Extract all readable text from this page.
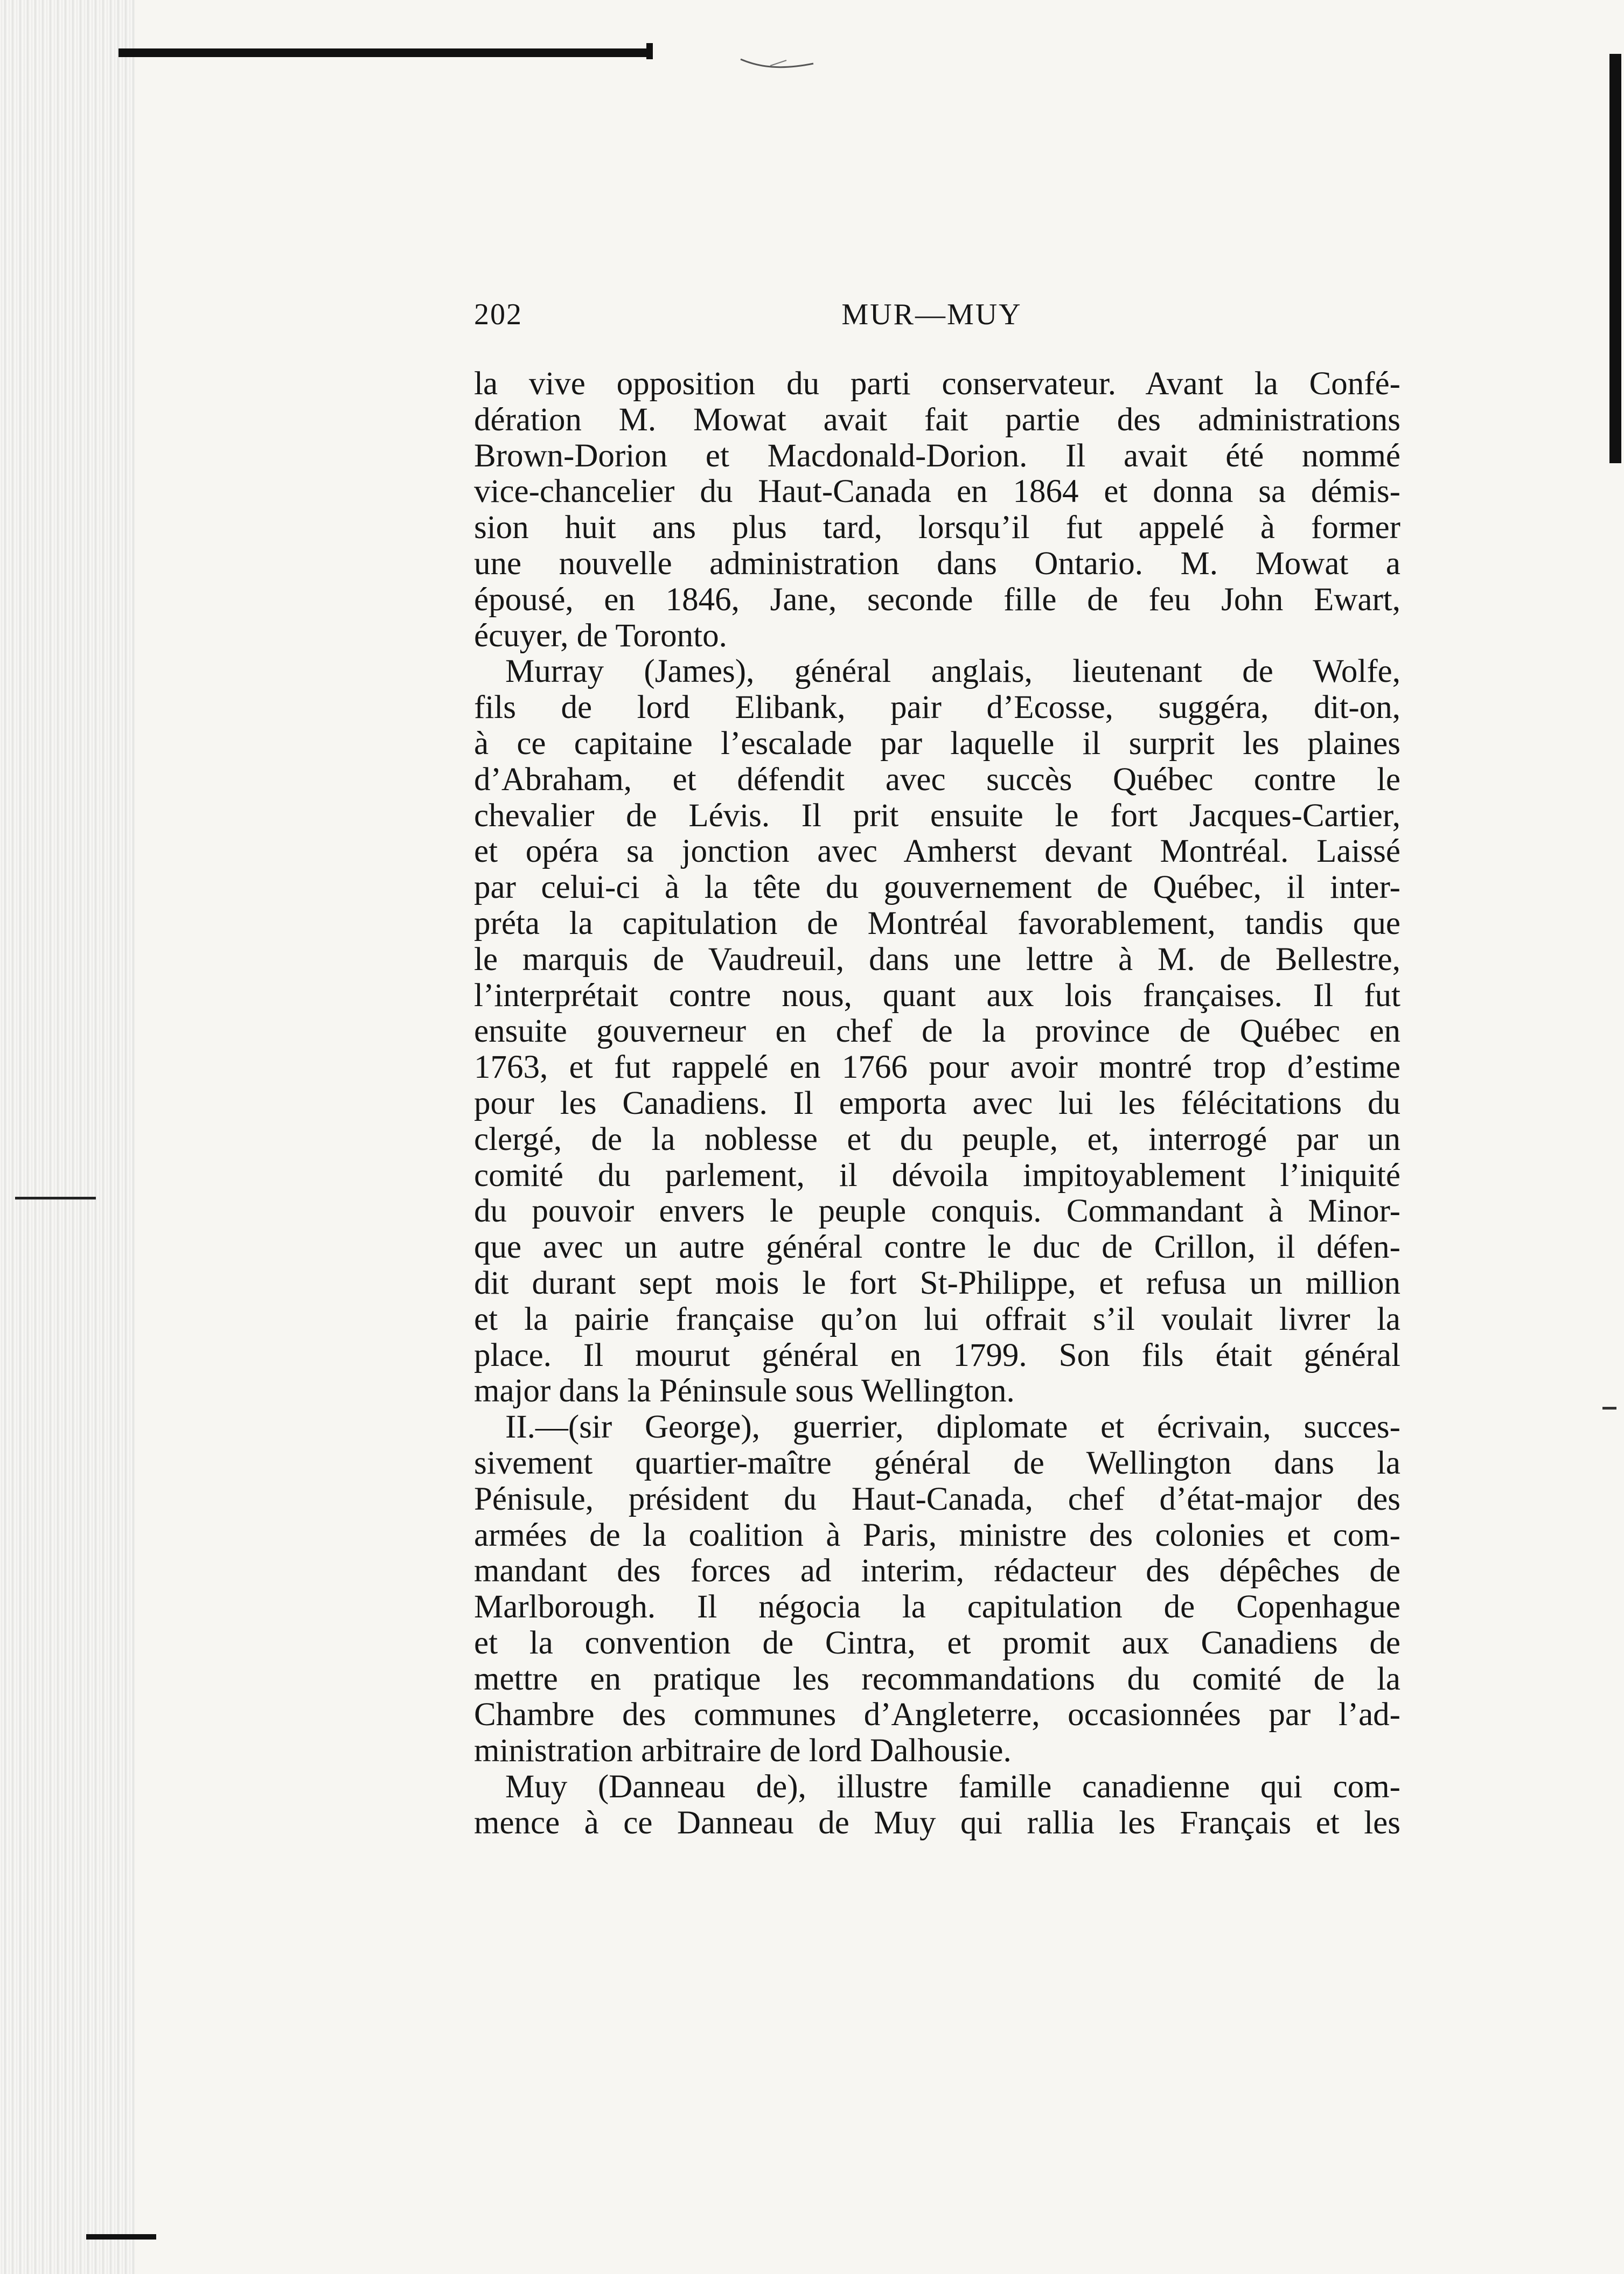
202	MUR—MUY
la vive opposition du parti conservateur. Avant la Confé-
dération M. Mowat avait fait partie des administrations
Brown-Dorion et Macdonald-Dorion. Il avait été nommé
vice-chancelier du Haut-Canada en 1864 et donna sa démis-
sion huit ans plus tard, lorsqu’il fut appelé à former
une nouvelle administration dans Ontario. M. Mowat a
épousé, en 1846, Jane, seconde fille de feu John Ewart,
écuyer, de Toronto.
Murray (James), général anglais, lieutenant de Wolfe,
fils de lord Elibank, pair d’Ecosse, suggéra, dit-on,
à ce capitaine l’escalade par laquelle il surprit les plaines
d’Abraham, et défendit avec succès Québec contre le
chevalier de Lévis. Il prit ensuite le fort Jacques-Cartier,
et opéra sa jonction avec Amherst devant Montréal. Laissé
par celui-ci à la tête du gouvernement de Québec, il inter-
préta la capitulation de Montréal favorablement, tandis que
le marquis de Vaudreuil, dans une lettre à M. de Bellestre,
l’interprétait contre nous, quant aux lois françaises. Il fut
ensuite gouverneur en chef de la province de Québec en
1763, et fut rappelé en 1766 pour avoir montré trop d’estime
pour les Canadiens. Il emporta avec lui les félécitations du
clergé, de la noblesse et du peuple, et, interrogé par un
comité du parlement, il dévoila impitoyablement l’iniquité
du pouvoir envers le peuple conquis. Commandant à Minor-
que avec un autre général contre le duc de Crillon, il défen-
dit durant sept mois le fort St-Philippe, et refusa un million
et la pairie française qu’on lui offrait s’il voulait livrer la
place. Il mourut général en 1799. Son fils était général
major dans la Péninsule sous Wellington.
II.—(sir George), guerrier, diplomate et écrivain, succes-
sivement quartier-maître général de Wellington dans la
Pénisule, président du Haut-Canada, chef d’état-major des
armées de la coalition à Paris, ministre des colonies et com-
mandant des forces ad interim, rédacteur des dépêches de
Marlborough. Il négocia la capitulation de Copenhague
et la convention de Cintra, et promit aux Canadiens de
mettre en pratique les recommandations du comité de la
Chambre des communes d’Angleterre, occasionnées par l’ad-
ministration arbitraire de lord Dalhousie.
Muy (Danneau de), illustre famille canadienne qui com-
mence à ce Danneau de Muy qui rallia les Français et les
